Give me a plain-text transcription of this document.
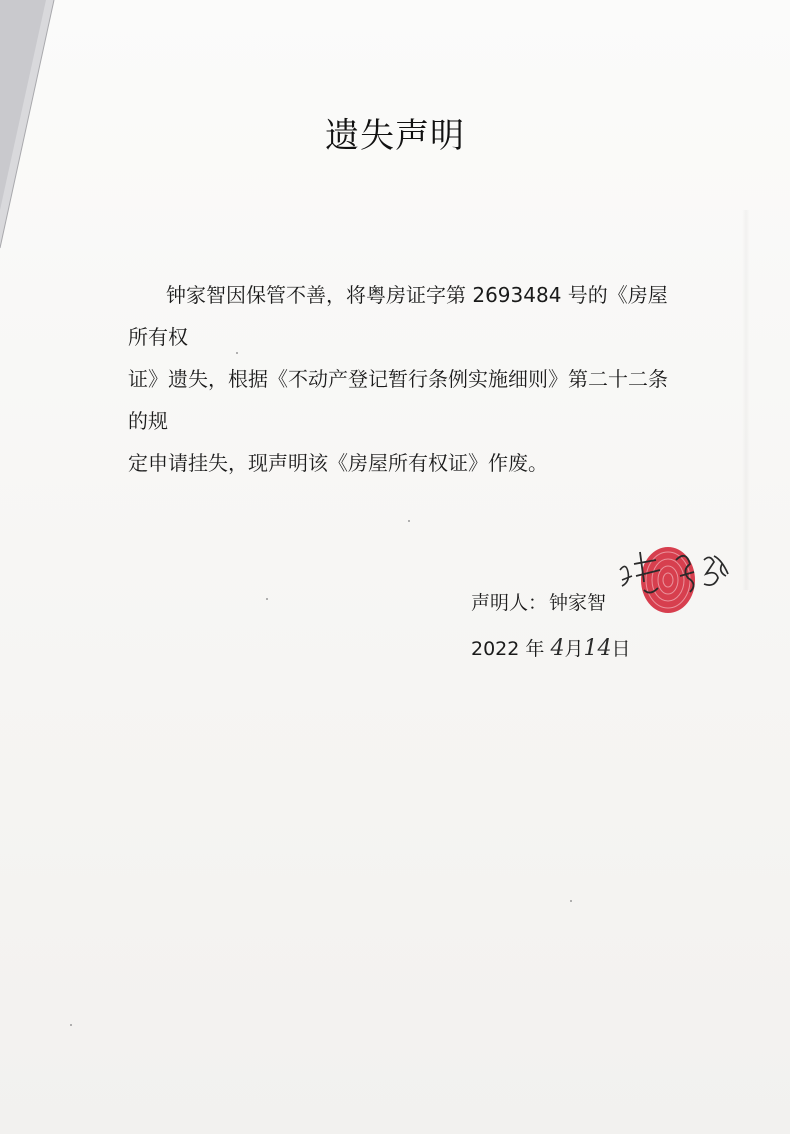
遗失声明

钟家智因保管不善，将粤房证字第 2693484 号的《房屋所有权

证》遗失，根据《不动产登记暂行条例实施细则》第二十二条的规

定申请挂失，现声明该《房屋所有权证》作废。

声明人： 钟家智
2022 年 4月14日
